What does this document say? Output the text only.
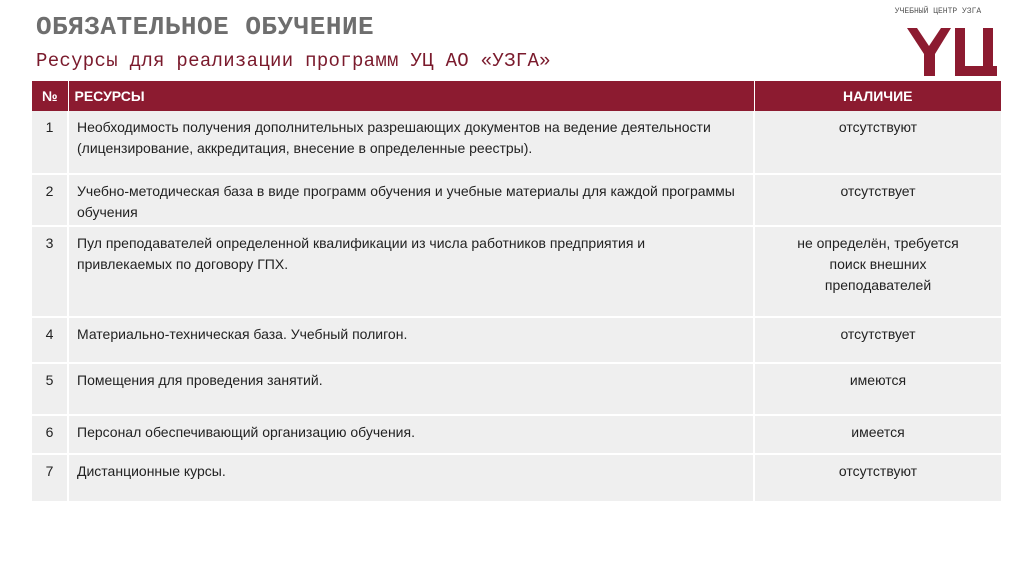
ОБЯЗАТЕЛЬНОЕ ОБУЧЕНИЕ
Ресурсы для реализации программ УЦ АО «УЗГА»
УЧЕБНЫЙ ЦЕНТР УЗГА
№	РЕСУРСЫ	НАЛИЧИЕ
1	Необходимость получения дополнительных разрешающих документов на ведение деятельности (лицензирование, аккредитация, внесение в определенные реестры).	отсутствуют
2	Учебно-методическая база в виде программ обучения и учебные материалы для каждой программы обучения	отсутствует
3	Пул преподавателей определенной квалификации из числа работников предприятия и привлекаемых по договору ГПХ.	не определён, требуется поиск внешних преподавателей
4	Материально-техническая база. Учебный полигон.	отсутствует
5	Помещения для проведения занятий.	имеются
6	Персонал обеспечивающий организацию обучения.	имеется
7	Дистанционные курсы.	отсутствуют
